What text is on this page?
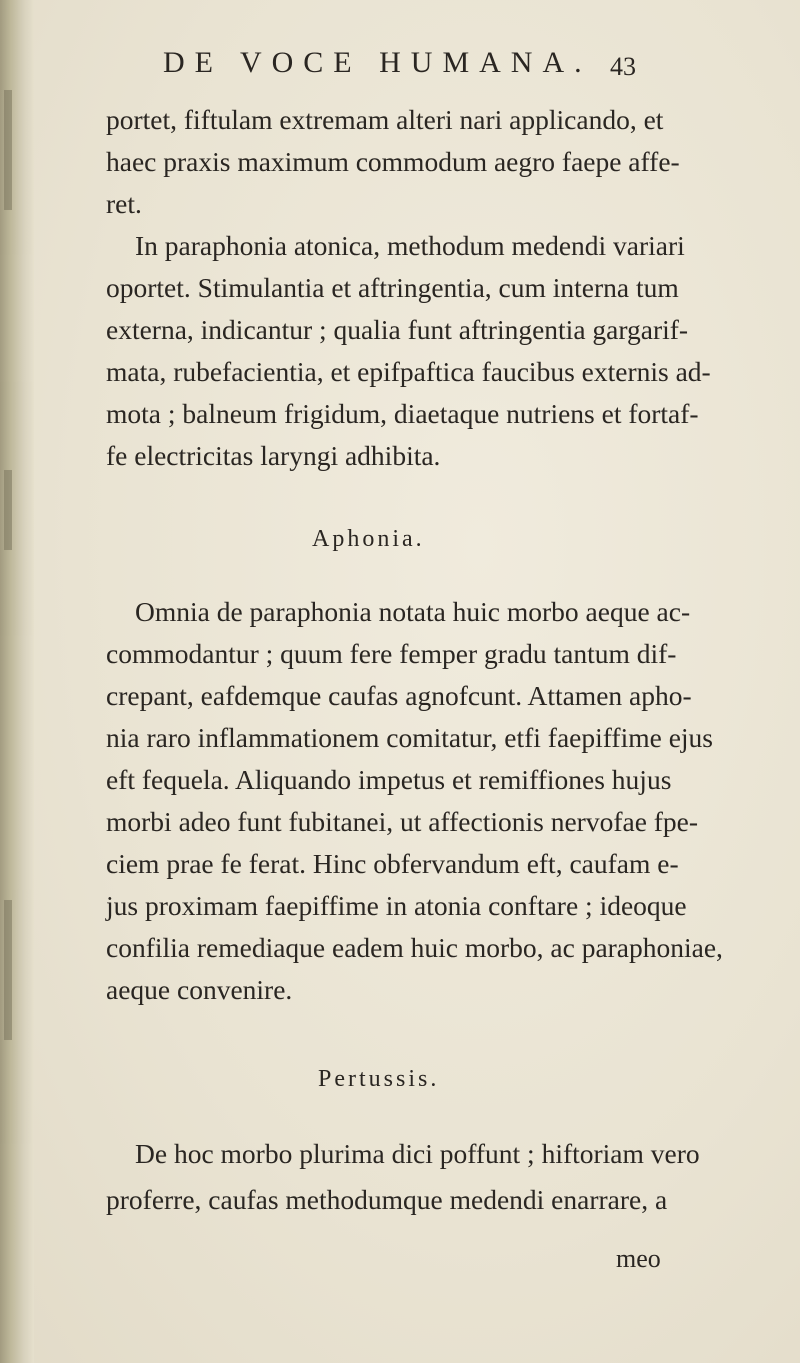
DE VOCE HUMANA. 43
portet, fiftulam extremam alteri nari applicando, et
haec praxis maximum commodum aegro faepe affe-
ret.
In paraphonia atonica, methodum medendi variari
oportet. Stimulantia et aftringentia, cum interna tum
externa, indicantur ; qualia funt aftringentia gargarif-
mata, rubefacientia, et epifpaftica faucibus externis ad-
mota ; balneum frigidum, diaetaque nutriens et fortaf-
fe electricitas laryngi adhibita.
Aphonia.
Omnia de paraphonia notata huic morbo aeque ac-
commodantur ; quum fere femper gradu tantum dif-
crepant, eafdemque caufas agnofcunt. Attamen apho-
nia raro inflammationem comitatur, etfi faepiffime ejus
eft fequela. Aliquando impetus et remiffiones hujus
morbi adeo funt fubitanei, ut affectionis nervofae fpe-
ciem prae fe ferat. Hinc obfervandum eft, caufam e-
jus proximam faepiffime in atonia conftare ; ideoque
confilia remediaque eadem huic morbo, ac paraphoniae,
aeque convenire.
Pertussis.
De hoc morbo plurima dici poffunt ; hiftoriam vero
proferre, caufas methodumque medendi enarrare, a
meo
